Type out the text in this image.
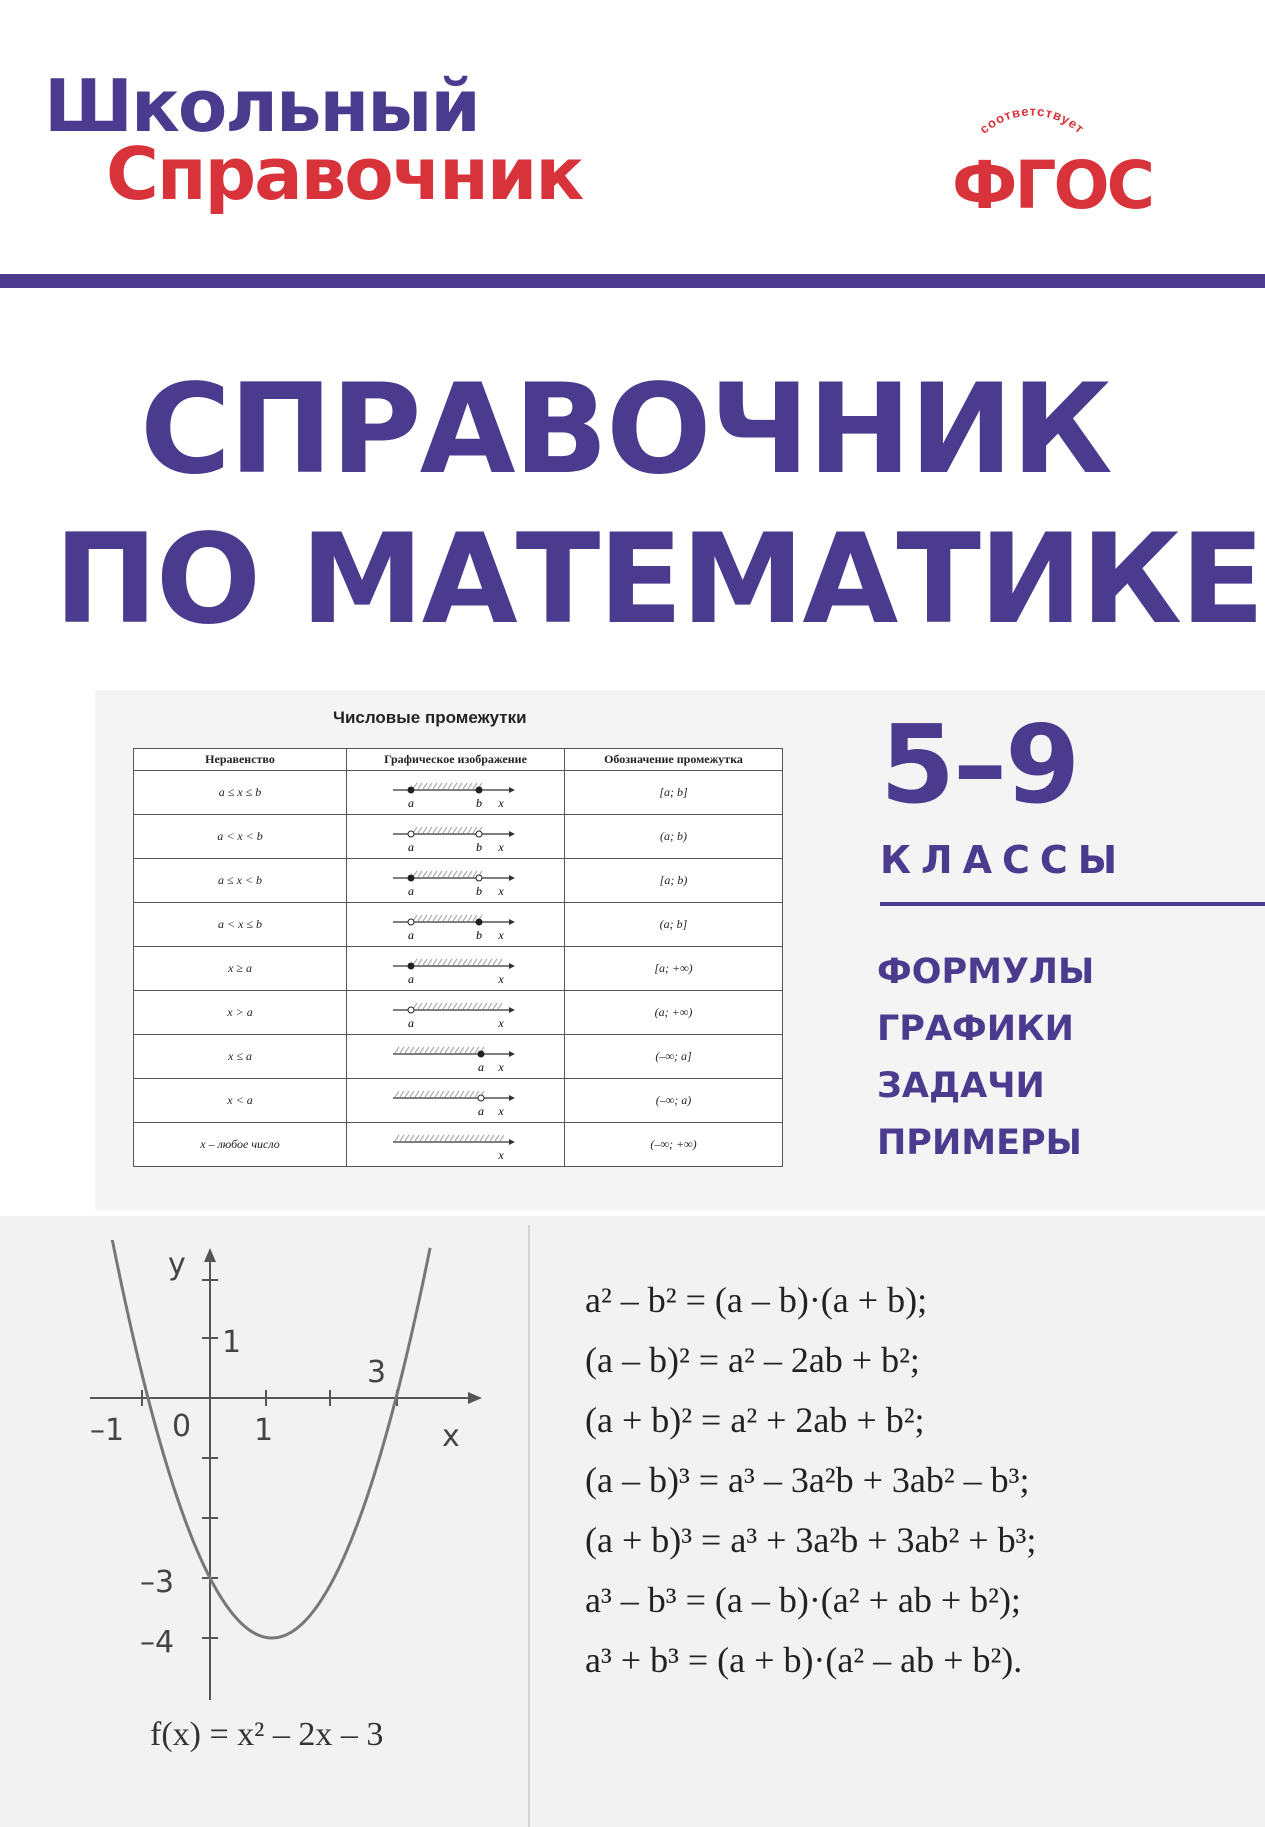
Школьный
Справочник
соответствует
ФГОС
СПРАВОЧНИК
ПО МАТЕМАТИКЕ
Числовые промежутки
Неравенство	Графическое изображение	Обозначение промежутка
a ≤ x ≤ b	a b x	[a; b]
a < x < b	a b x	(a; b)
a ≤ x < b	a b x	[a; b)
a < x ≤ b	a b x	(a; b]
x ≥ a	a x	[a; +∞)
x > a	a x	(a; +∞)
x ≤ a	a x	(–∞; a]
x < a	a x	(–∞; a)
x – любое число	x	(–∞; +∞)
5–9
КЛАССЫ
ФОРМУЛЫ
ГРАФИКИ
ЗАДАЧИ
ПРИМЕРЫ
y
x
1
3
–1 0 1
–3
–4
f(x) = x² – 2x – 3
a² – b² = (a – b)·(a + b);
(a – b)² = a² – 2ab + b²;
(a + b)² = a² + 2ab + b²;
(a – b)³ = a³ – 3a²b + 3ab² – b³;
(a + b)³ = a³ + 3a²b + 3ab² + b³;
a³ – b³ = (a – b)·(a² + ab + b²);
a³ + b³ = (a + b)·(a² – ab + b²).
